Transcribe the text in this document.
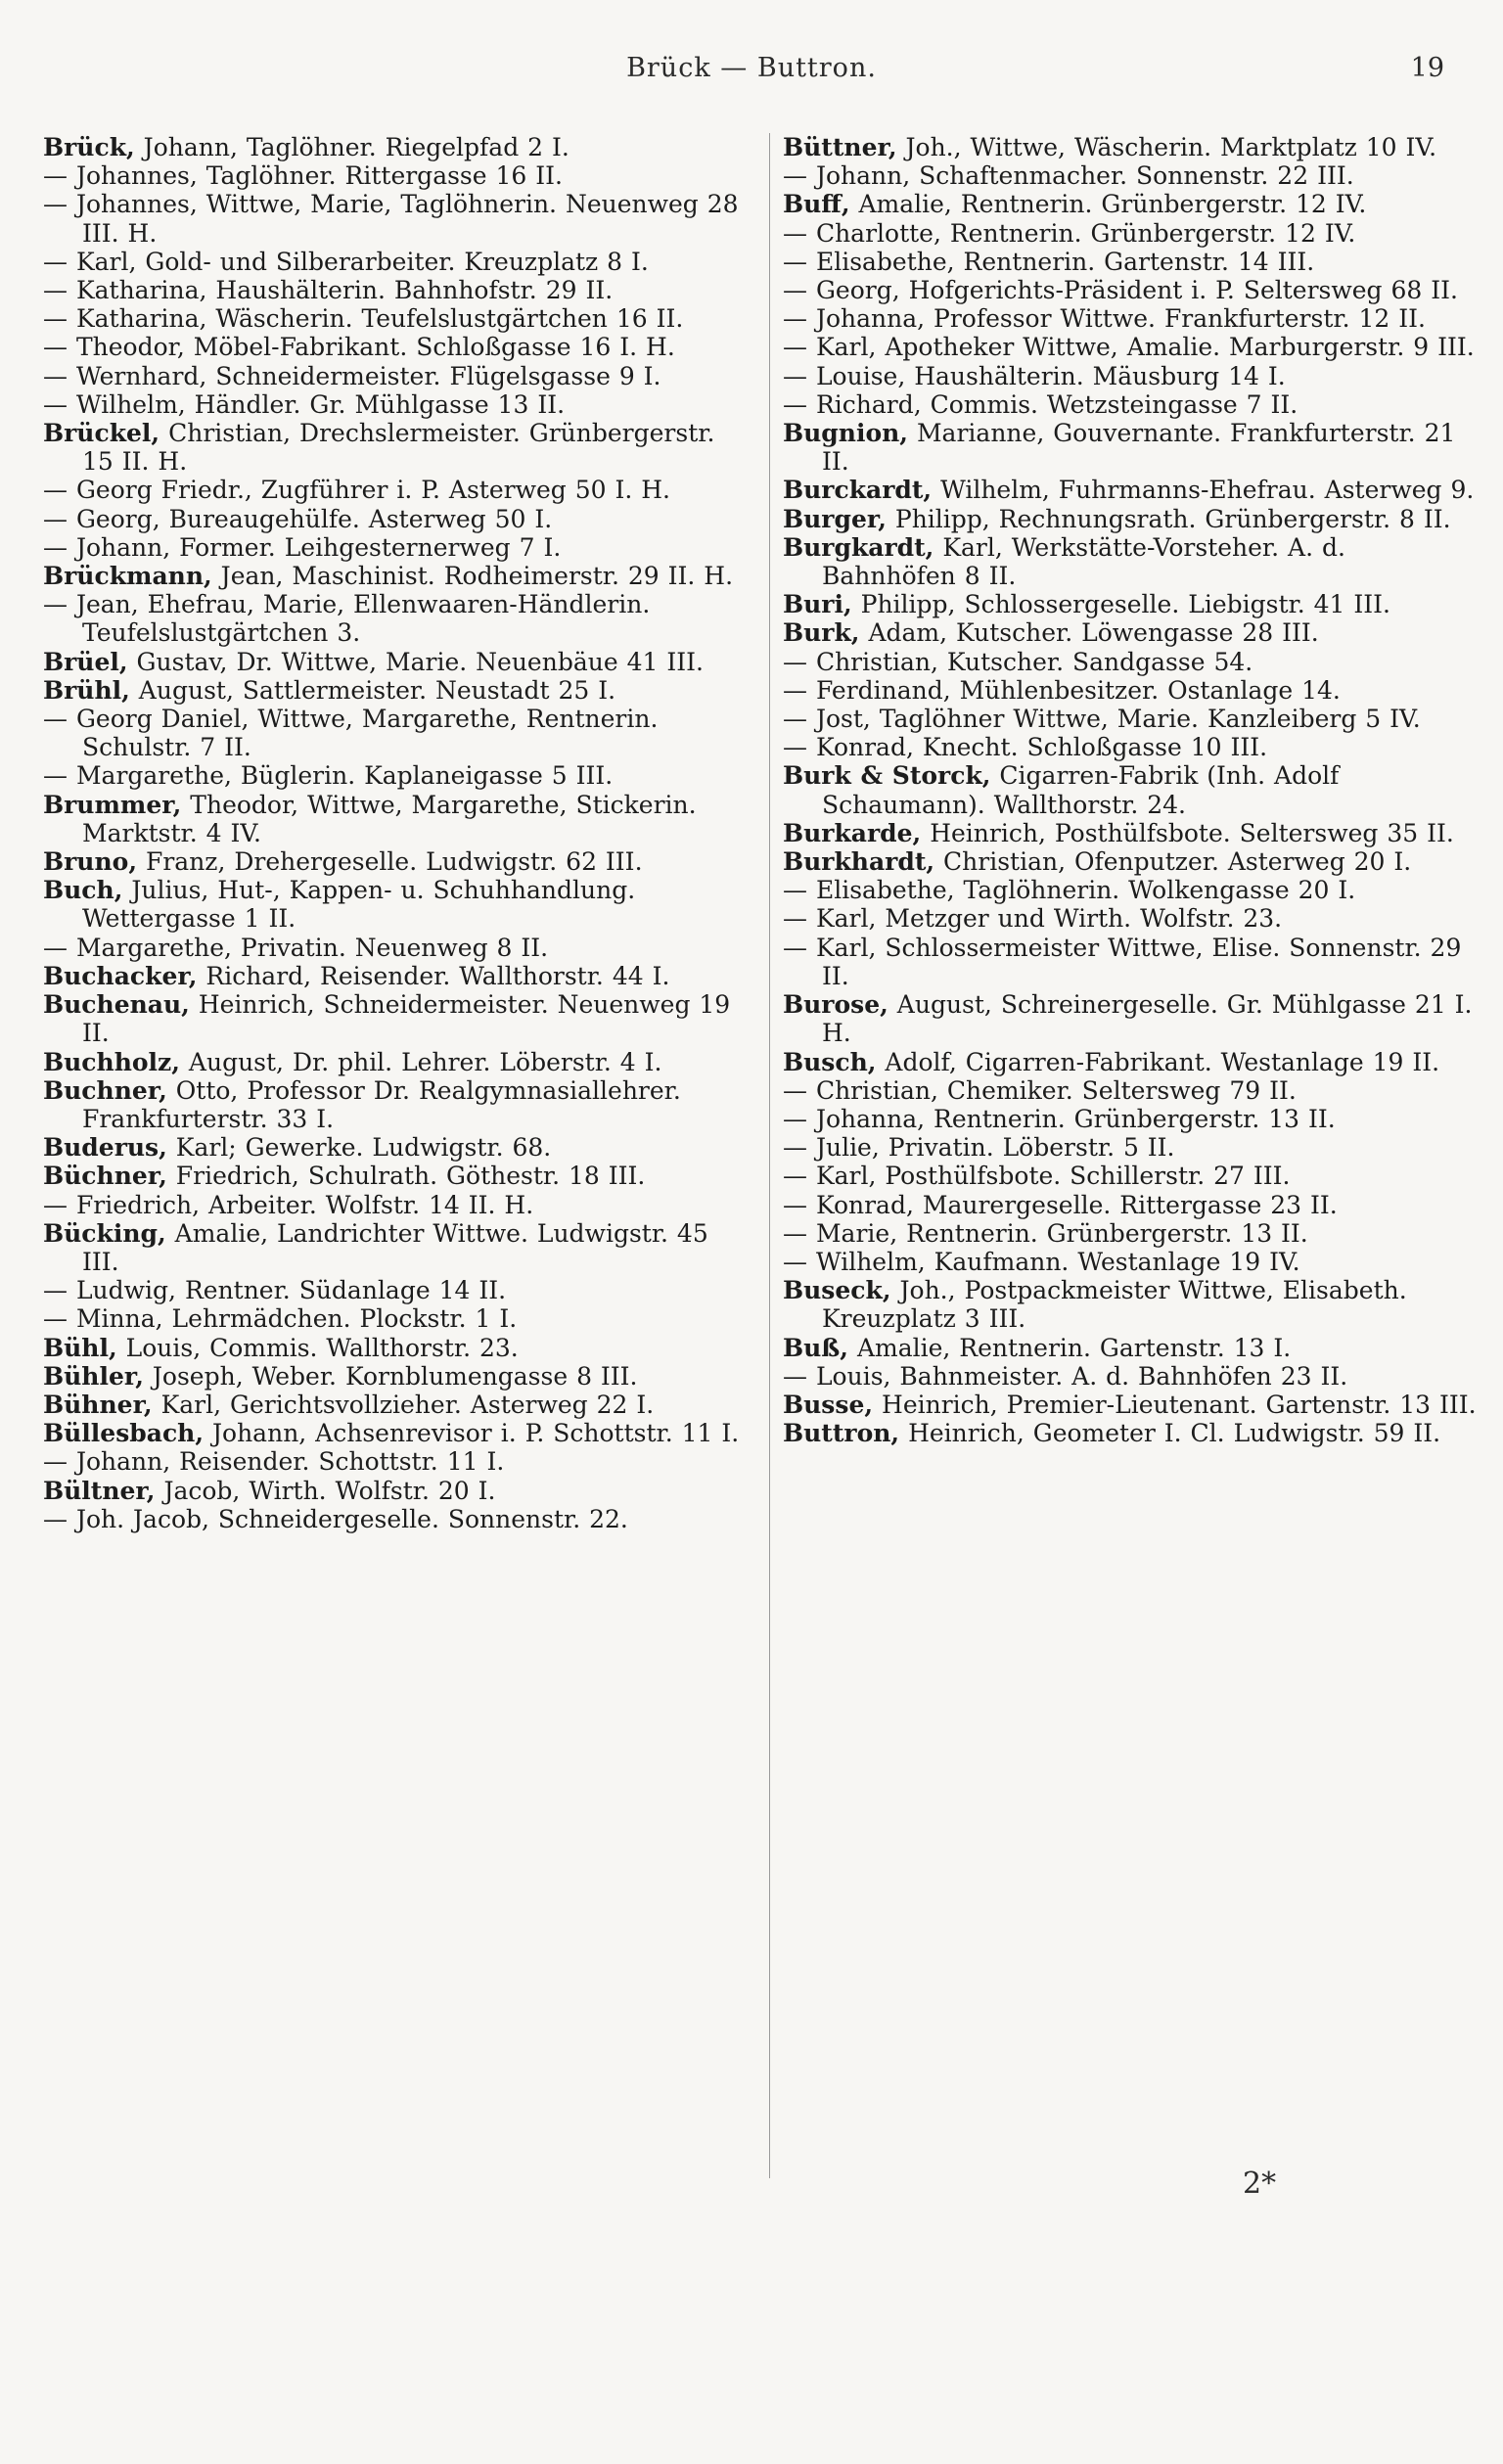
Brück — Buttron.	19

Brück, Johann, Taglöhner. Riegelpfad 2 I.

— Johannes, Taglöhner. Rittergasse 16 II.

— Johannes, Wittwe, Marie, Taglöhnerin. Neuenweg 28 III. H.

— Karl, Gold- und Silberarbeiter. Kreuzplatz 8 I.

— Katharina, Haushälterin. Bahnhofstr. 29 II.

— Katharina, Wäscherin. Teufelslustgärtchen 16 II.

— Theodor, Möbel-Fabrikant. Schloßgasse 16 I. H.

— Wernhard, Schneidermeister. Flügelsgasse 9 I.

— Wilhelm, Händler. Gr. Mühlgasse 13 II.

Brückel, Christian, Drechslermeister. Grünbergerstr. 15 II. H.

— Georg Friedr., Zugführer i. P. Asterweg 50 I. H.

— Georg, Bureaugehülfe. Asterweg 50 I.

— Johann, Former. Leihgesternerweg 7 I.

Brückmann, Jean, Maschinist. Rodheimerstr. 29 II. H.

— Jean, Ehefrau, Marie, Ellenwaaren-Händlerin. Teufelslustgärtchen 3.

Brüel, Gustav, Dr. Wittwe, Marie. Neuenbäue 41 III.

Brühl, August, Sattlermeister. Neustadt 25 I.

— Georg Daniel, Wittwe, Margarethe, Rentnerin. Schulstr. 7 II.

— Margarethe, Büglerin. Kaplaneigasse 5 III.

Brummer, Theodor, Wittwe, Margarethe, Stickerin. Marktstr. 4 IV.

Bruno, Franz, Drehergeselle. Ludwigstr. 62 III.

Buch, Julius, Hut-, Kappen- u. Schuhhandlung. Wettergasse 1 II.

— Margarethe, Privatin. Neuenweg 8 II.

Buchacker, Richard, Reisender. Wallthorstr. 44 I.

Buchenau, Heinrich, Schneidermeister. Neuenweg 19 II.

Buchholz, August, Dr. phil. Lehrer. Löberstr. 4 I.

Buchner, Otto, Professor Dr. Realgymnasiallehrer. Frankfurterstr. 33 I.

Buderus, Karl; Gewerke. Ludwigstr. 68.

Büchner, Friedrich, Schulrath. Göthestr. 18 III.

— Friedrich, Arbeiter. Wolfstr. 14 II. H.

Bücking, Amalie, Landrichter Wittwe. Ludwigstr. 45 III.

— Ludwig, Rentner. Südanlage 14 II.

— Minna, Lehrmädchen. Plockstr. 1 I.

Bühl, Louis, Commis. Wallthorstr. 23.

Bühler, Joseph, Weber. Kornblumengasse 8 III.

Bühner, Karl, Gerichtsvollzieher. Asterweg 22 I.

Büllesbach, Johann, Achsenrevisor i. P. Schottstr. 11 I.

— Johann, Reisender. Schottstr. 11 I.

Bültner, Jacob, Wirth. Wolfstr. 20 I.

— Joh. Jacob, Schneidergeselle. Sonnenstr. 22.

Büttner, Joh., Wittwe, Wäscherin. Marktplatz 10 IV.

— Johann, Schaftenmacher. Sonnenstr. 22 III.

Buff, Amalie, Rentnerin. Grünbergerstr. 12 IV.

— Charlotte, Rentnerin. Grünbergerstr. 12 IV.

— Elisabethe, Rentnerin. Gartenstr. 14 III.

— Georg, Hofgerichts-Präsident i. P. Seltersweg 68 II.

— Johanna, Professor Wittwe. Frankfurterstr. 12 II.

— Karl, Apotheker Wittwe, Amalie. Marburgerstr. 9 III.

— Louise, Haushälterin. Mäusburg 14 I.

— Richard, Commis. Wetzsteingasse 7 II.

Bugnion, Marianne, Gouvernante. Frankfurterstr. 21 II.

Burckardt, Wilhelm, Fuhrmanns-Ehefrau. Asterweg 9.

Burger, Philipp, Rechnungsrath. Grünbergerstr. 8 II.

Burgkardt, Karl, Werkstätte-Vorsteher. A. d. Bahnhöfen 8 II.

Buri, Philipp, Schlossergeselle. Liebigstr. 41 III.

Burk, Adam, Kutscher. Löwengasse 28 III.

— Christian, Kutscher. Sandgasse 54.

— Ferdinand, Mühlenbesitzer. Ostanlage 14.

— Jost, Taglöhner Wittwe, Marie. Kanzleiberg 5 IV.

— Konrad, Knecht. Schloßgasse 10 III.

Burk & Storck, Cigarren-Fabrik (Inh. Adolf Schaumann). Wallthorstr. 24.

Burkarde, Heinrich, Posthülfsbote. Seltersweg 35 II.

Burkhardt, Christian, Ofenputzer. Asterweg 20 I.

— Elisabethe, Taglöhnerin. Wolkengasse 20 I.

— Karl, Metzger und Wirth. Wolfstr. 23.

— Karl, Schlossermeister Wittwe, Elise. Sonnenstr. 29 II.

Burose, August, Schreinergeselle. Gr. Mühlgasse 21 I. H.

Busch, Adolf, Cigarren-Fabrikant. Westanlage 19 II.

— Christian, Chemiker. Seltersweg 79 II.

— Johanna, Rentnerin. Grünbergerstr. 13 II.

— Julie, Privatin. Löberstr. 5 II.

— Karl, Posthülfsbote. Schillerstr. 27 III.

— Konrad, Maurergeselle. Rittergasse 23 II.

— Marie, Rentnerin. Grünbergerstr. 13 II.

— Wilhelm, Kaufmann. Westanlage 19 IV.

Buseck, Joh., Postpackmeister Wittwe, Elisabeth. Kreuzplatz 3 III.

Buß, Amalie, Rentnerin. Gartenstr. 13 I.

— Louis, Bahnmeister. A. d. Bahnhöfen 23 II.

Busse, Heinrich, Premier-Lieutenant. Gartenstr. 13 III.

Buttron, Heinrich, Geometer I. Cl. Ludwigstr. 59 II.

2*
